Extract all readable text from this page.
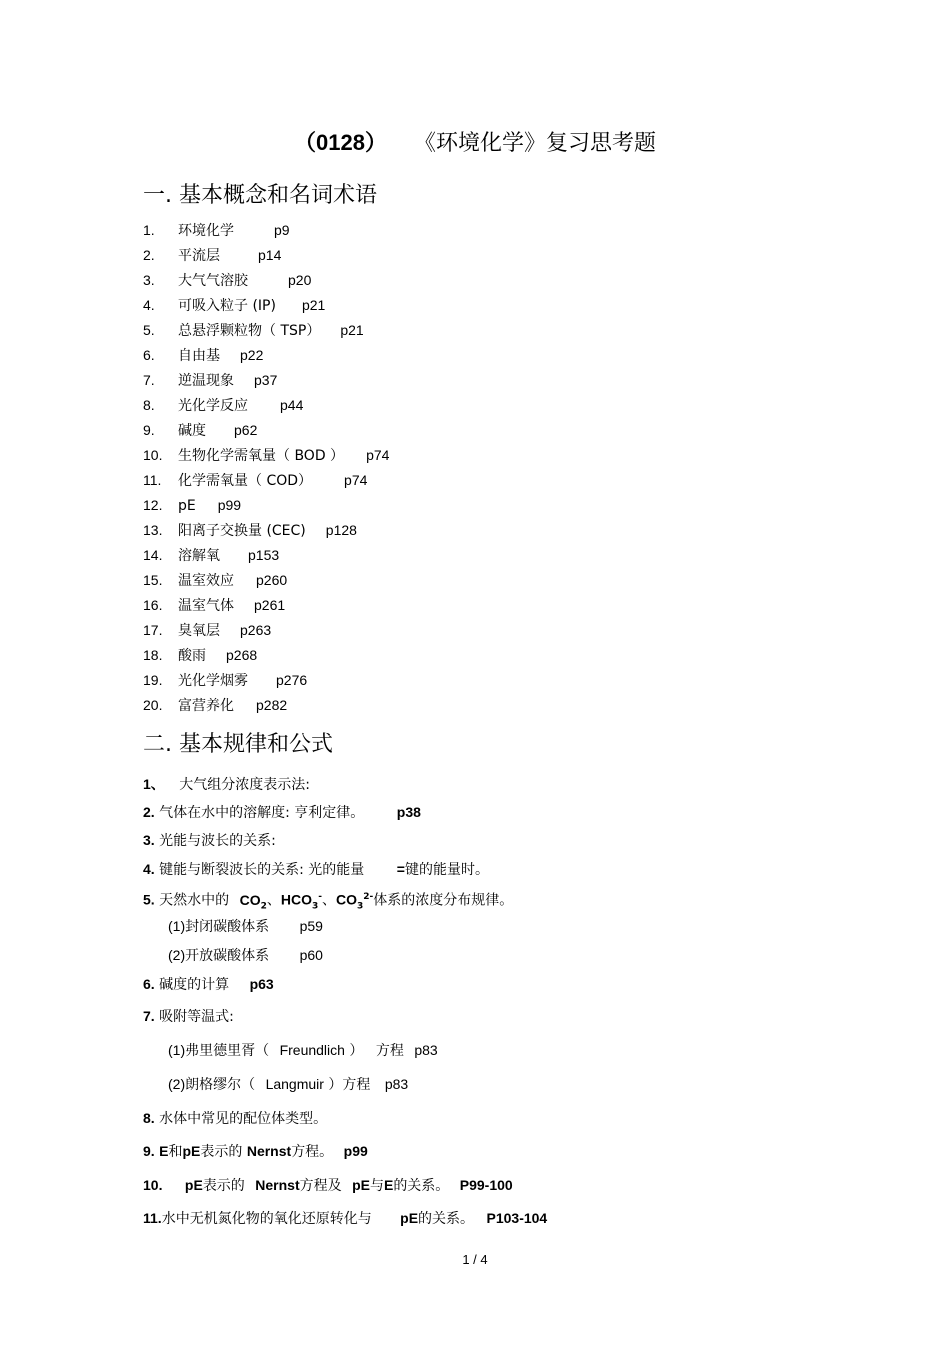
（0128） 《环境化学》复习思考题
一. 基本概念和名词术语
1. 环境化学	p9
2. 平流层	p14
3. 大气气溶胶	p20
4. 可吸入粒子 (IP) p21
5. 总悬浮颗粒物（ TSP） p21
6. 自由基 p22
7. 逆温现象 p37
8. 光化学反应 p44
9. 碱度 p62
10. 生物化学需氧量（ BOD ） p74
11. 化学需氧量（ COD） p74
12. pE p99
13. 阳离子交换量 (CEC) p128
14. 溶解氧 p153
15. 温室效应 p260
16. 温室气体 p261
17. 臭氧层 p263
18. 酸雨 p268
19. 光化学烟雾 p276
20. 富营养化 p282
二. 基本规律和公式
1、 大气组分浓度表示法:
2. 气体在水中的溶解度: 亨利定律。 p38
3. 光能与波长的关系:
4. 键能与断裂波长的关系: 光的能量 =键的能量时。
5. 天然水中的 $CO_2$、$HCO_3^-$、$CO_3^{2-}$体系的浓度分布规律。
(1)封闭碳酸体系 p59
(2)开放碳酸体系 p60
6. 碱度的计算 p63
7. 吸附等温式:
(1)弗里德里胥（ Freundlich ） 方程 p83
(2)朗格缪尔（ Langmuir ）方程 p83
8. 水体中常见的配位体类型。
9. E和pE表示的 Nernst方程。 p99
10. pE表示的 Nernst方程及 pE与E的关系。 P99-100
11.水中无机氮化物的氧化还原转化与 pE的关系。 P103-104
1 / 4
